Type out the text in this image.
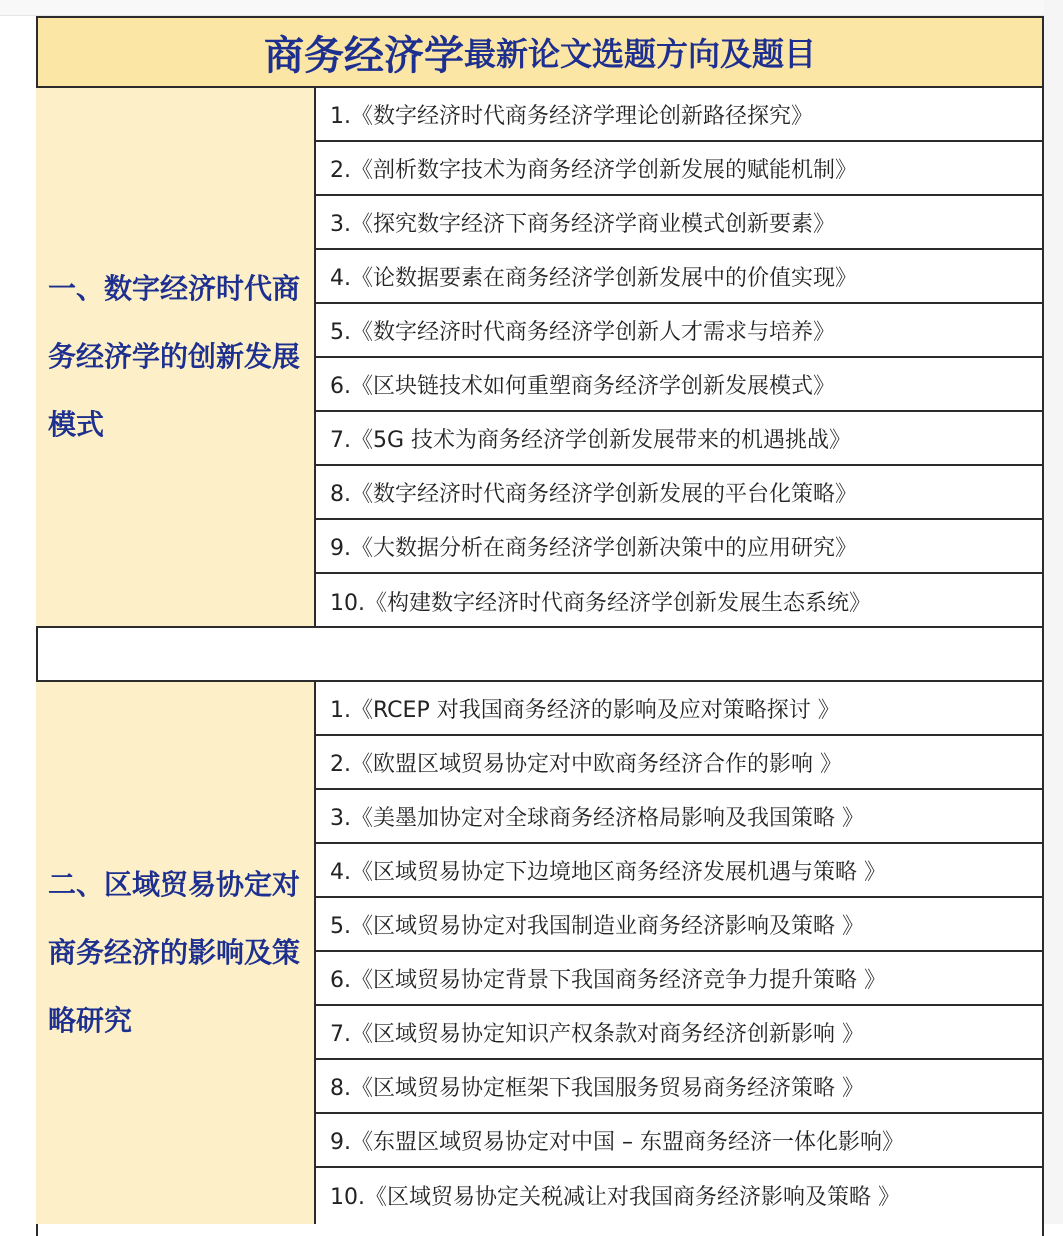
商务经济学 最新论文选题方向及题目
一、数字经济时代商务经济学的创新发展模式
1.《数字经济时代商务经济学理论创新路径探究》
2.《剖析数字技术为商务经济学创新发展的赋能机制》
3.《探究数字经济下商务经济学商业模式创新要素》
4.《论数据要素在商务经济学创新发展中的价值实现》
5.《数字经济时代商务经济学创新人才需求与培养》
6.《区块链技术如何重塑商务经济学创新发展模式》
7.《5G 技术为商务经济学创新发展带来的机遇挑战》
8.《数字经济时代商务经济学创新发展的平台化策略》
9.《大数据分析在商务经济学创新决策中的应用研究》
10.《构建数字经济时代商务经济学创新发展生态系统》
二、区域贸易协定对商务经济的影响及策略研究
1.《RCEP 对我国商务经济的影响及应对策略探讨 》
2.《欧盟区域贸易协定对中欧商务经济合作的影响 》
3.《美墨加协定对全球商务经济格局影响及我国策略 》
4.《区域贸易协定下边境地区商务经济发展机遇与策略 》
5.《区域贸易协定对我国制造业商务经济影响及策略 》
6.《区域贸易协定背景下我国商务经济竞争力提升策略 》
7.《区域贸易协定知识产权条款对商务经济创新影响 》
8.《区域贸易协定框架下我国服务贸易商务经济策略 》
9.《东盟区域贸易协定对中国 – 东盟商务经济一体化影响》
10.《区域贸易协定关税减让对我国商务经济影响及策略 》
